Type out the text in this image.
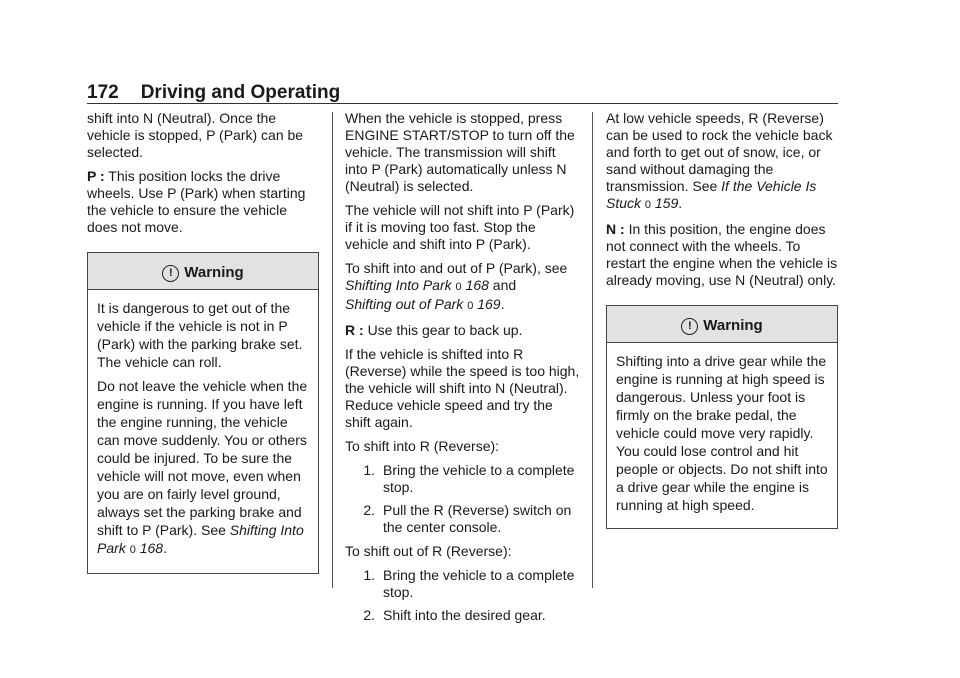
172 Driving and Operating

shift into N (Neutral). Once the vehicle is stopped, P (Park) can be selected.

P : This position locks the drive wheels. Use P (Park) when starting the vehicle to ensure the vehicle does not move.

! Warning

It is dangerous to get out of the vehicle if the vehicle is not in P (Park) with the parking brake set. The vehicle can roll.

Do not leave the vehicle when the engine is running. If you have left the engine running, the vehicle can move suddenly. You or others could be injured. To be sure the vehicle will not move, even when you are on fairly level ground, always set the parking brake and shift to P (Park). See Shifting Into Park 0 168.

When the vehicle is stopped, press ENGINE START/STOP to turn off the vehicle. The transmission will shift into P (Park) automatically unless N (Neutral) is selected.

The vehicle will not shift into P (Park) if it is moving too fast. Stop the vehicle and shift into P (Park).

To shift into and out of P (Park), see
Shifting Into Park 0 168 and
Shifting out of Park 0 169.

R : Use this gear to back up.

If the vehicle is shifted into R (Reverse) while the speed is too high, the vehicle will shift into N (Neutral). Reduce vehicle speed and try the shift again.

To shift into R (Reverse):

1. Bring the vehicle to a complete stop.
2. Pull the R (Reverse) switch on the center console.

To shift out of R (Reverse):

1. Bring the vehicle to a complete stop.
2. Shift into the desired gear.

At low vehicle speeds, R (Reverse) can be used to rock the vehicle back and forth to get out of snow, ice, or sand without damaging the transmission. See If the Vehicle Is Stuck 0 159.

N : In this position, the engine does not connect with the wheels. To restart the engine when the vehicle is already moving, use N (Neutral) only.

! Warning

Shifting into a drive gear while the engine is running at high speed is dangerous. Unless your foot is firmly on the brake pedal, the vehicle could move very rapidly. You could lose control and hit people or objects. Do not shift into a drive gear while the engine is running at high speed.
